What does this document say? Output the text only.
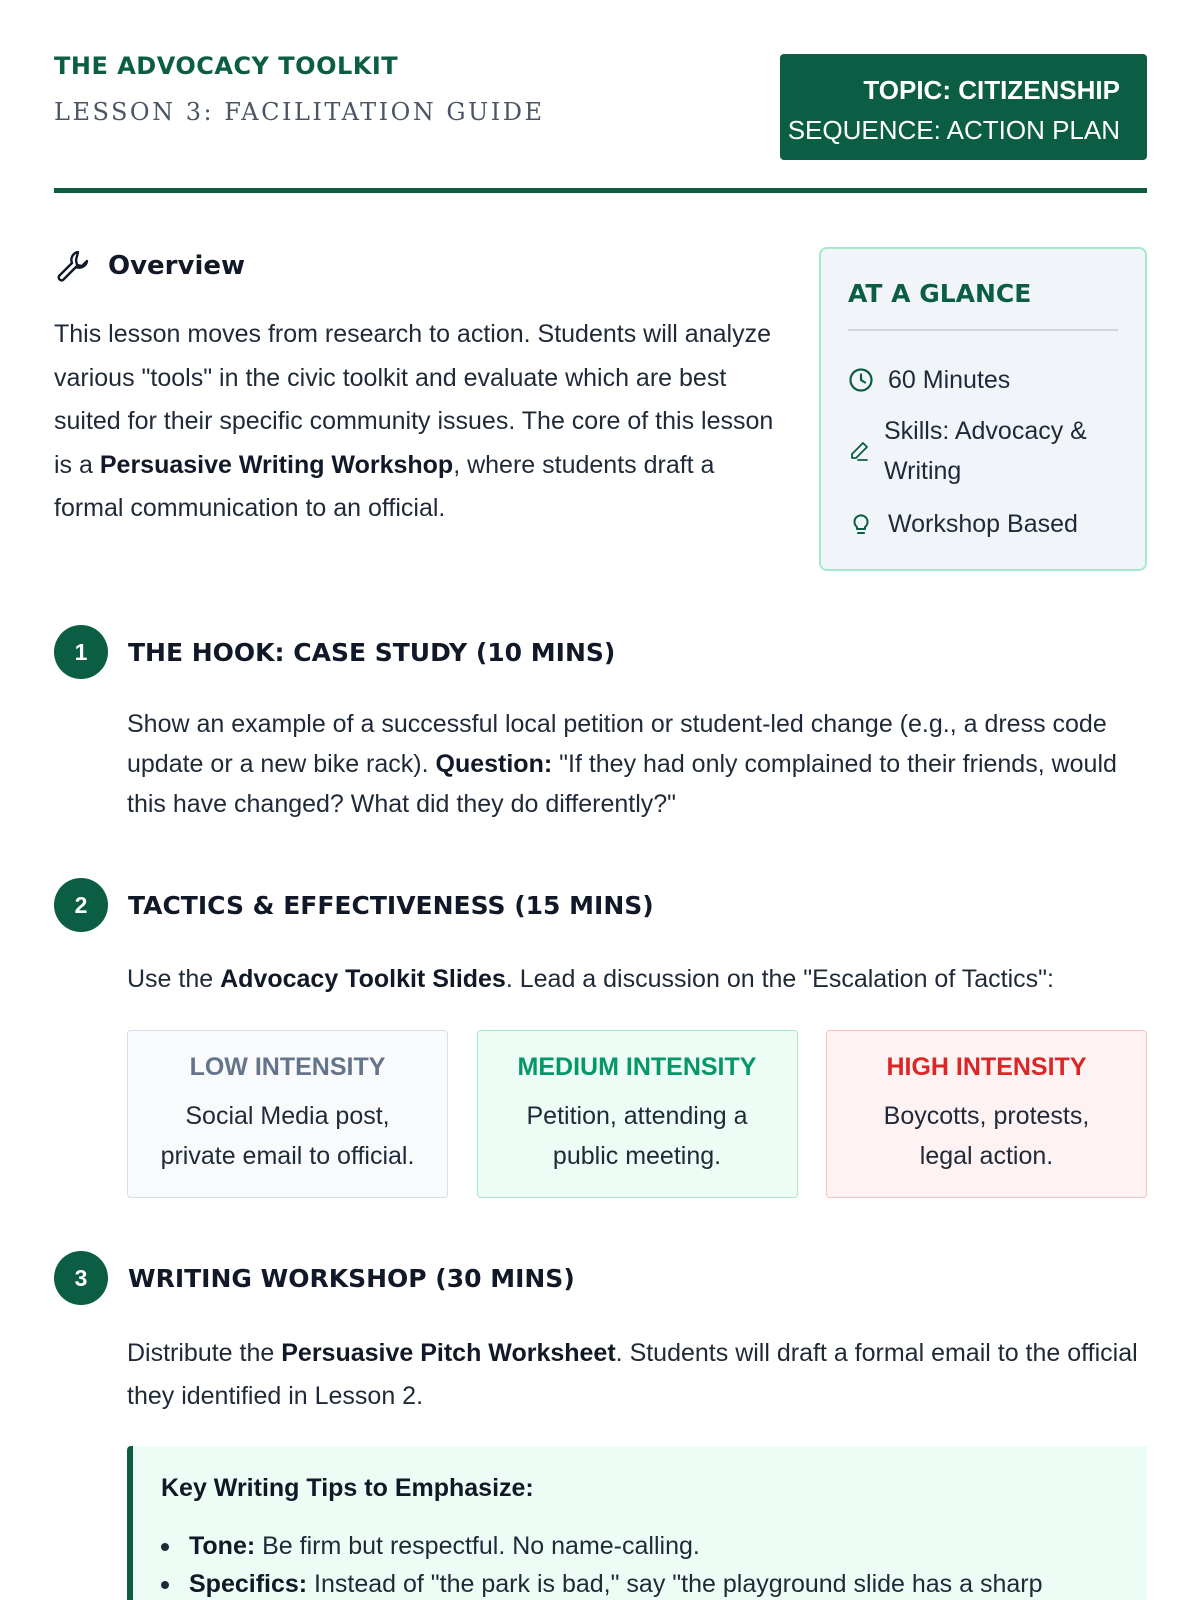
THE ADVOCACY TOOLKIT
LESSON 3: FACILITATION GUIDE
TOPIC: CITIZENSHIP
SEQUENCE: ACTION PLAN
Overview
This lesson moves from research to action. Students will analyze various "tools" in the civic toolkit and evaluate which are best suited for their specific community issues. The core of this lesson is a Persuasive Writing Workshop, where students draft a formal communication to an official.
AT A GLANCE
60 Minutes
Skills: Advocacy & Writing
Workshop Based
1	THE HOOK: CASE STUDY (10 MINS)
Show an example of a successful local petition or student-led change (e.g., a dress code update or a new bike rack). Question: "If they had only complained to their friends, would this have changed? What did they do differently?"
2	TACTICS & EFFECTIVENESS (15 MINS)
Use the Advocacy Toolkit Slides. Lead a discussion on the "Escalation of Tactics":
LOW INTENSITY
Social Media post, private email to official.
MEDIUM INTENSITY
Petition, attending a public meeting.
HIGH INTENSITY
Boycotts, protests, legal action.
3	WRITING WORKSHOP (30 MINS)
Distribute the Persuasive Pitch Worksheet. Students will draft a formal email to the official they identified in Lesson 2.
Key Writing Tips to Emphasize:
Tone: Be firm but respectful. No name-calling.
Specifics: Instead of "the park is bad," say "the playground slide has a sharp
